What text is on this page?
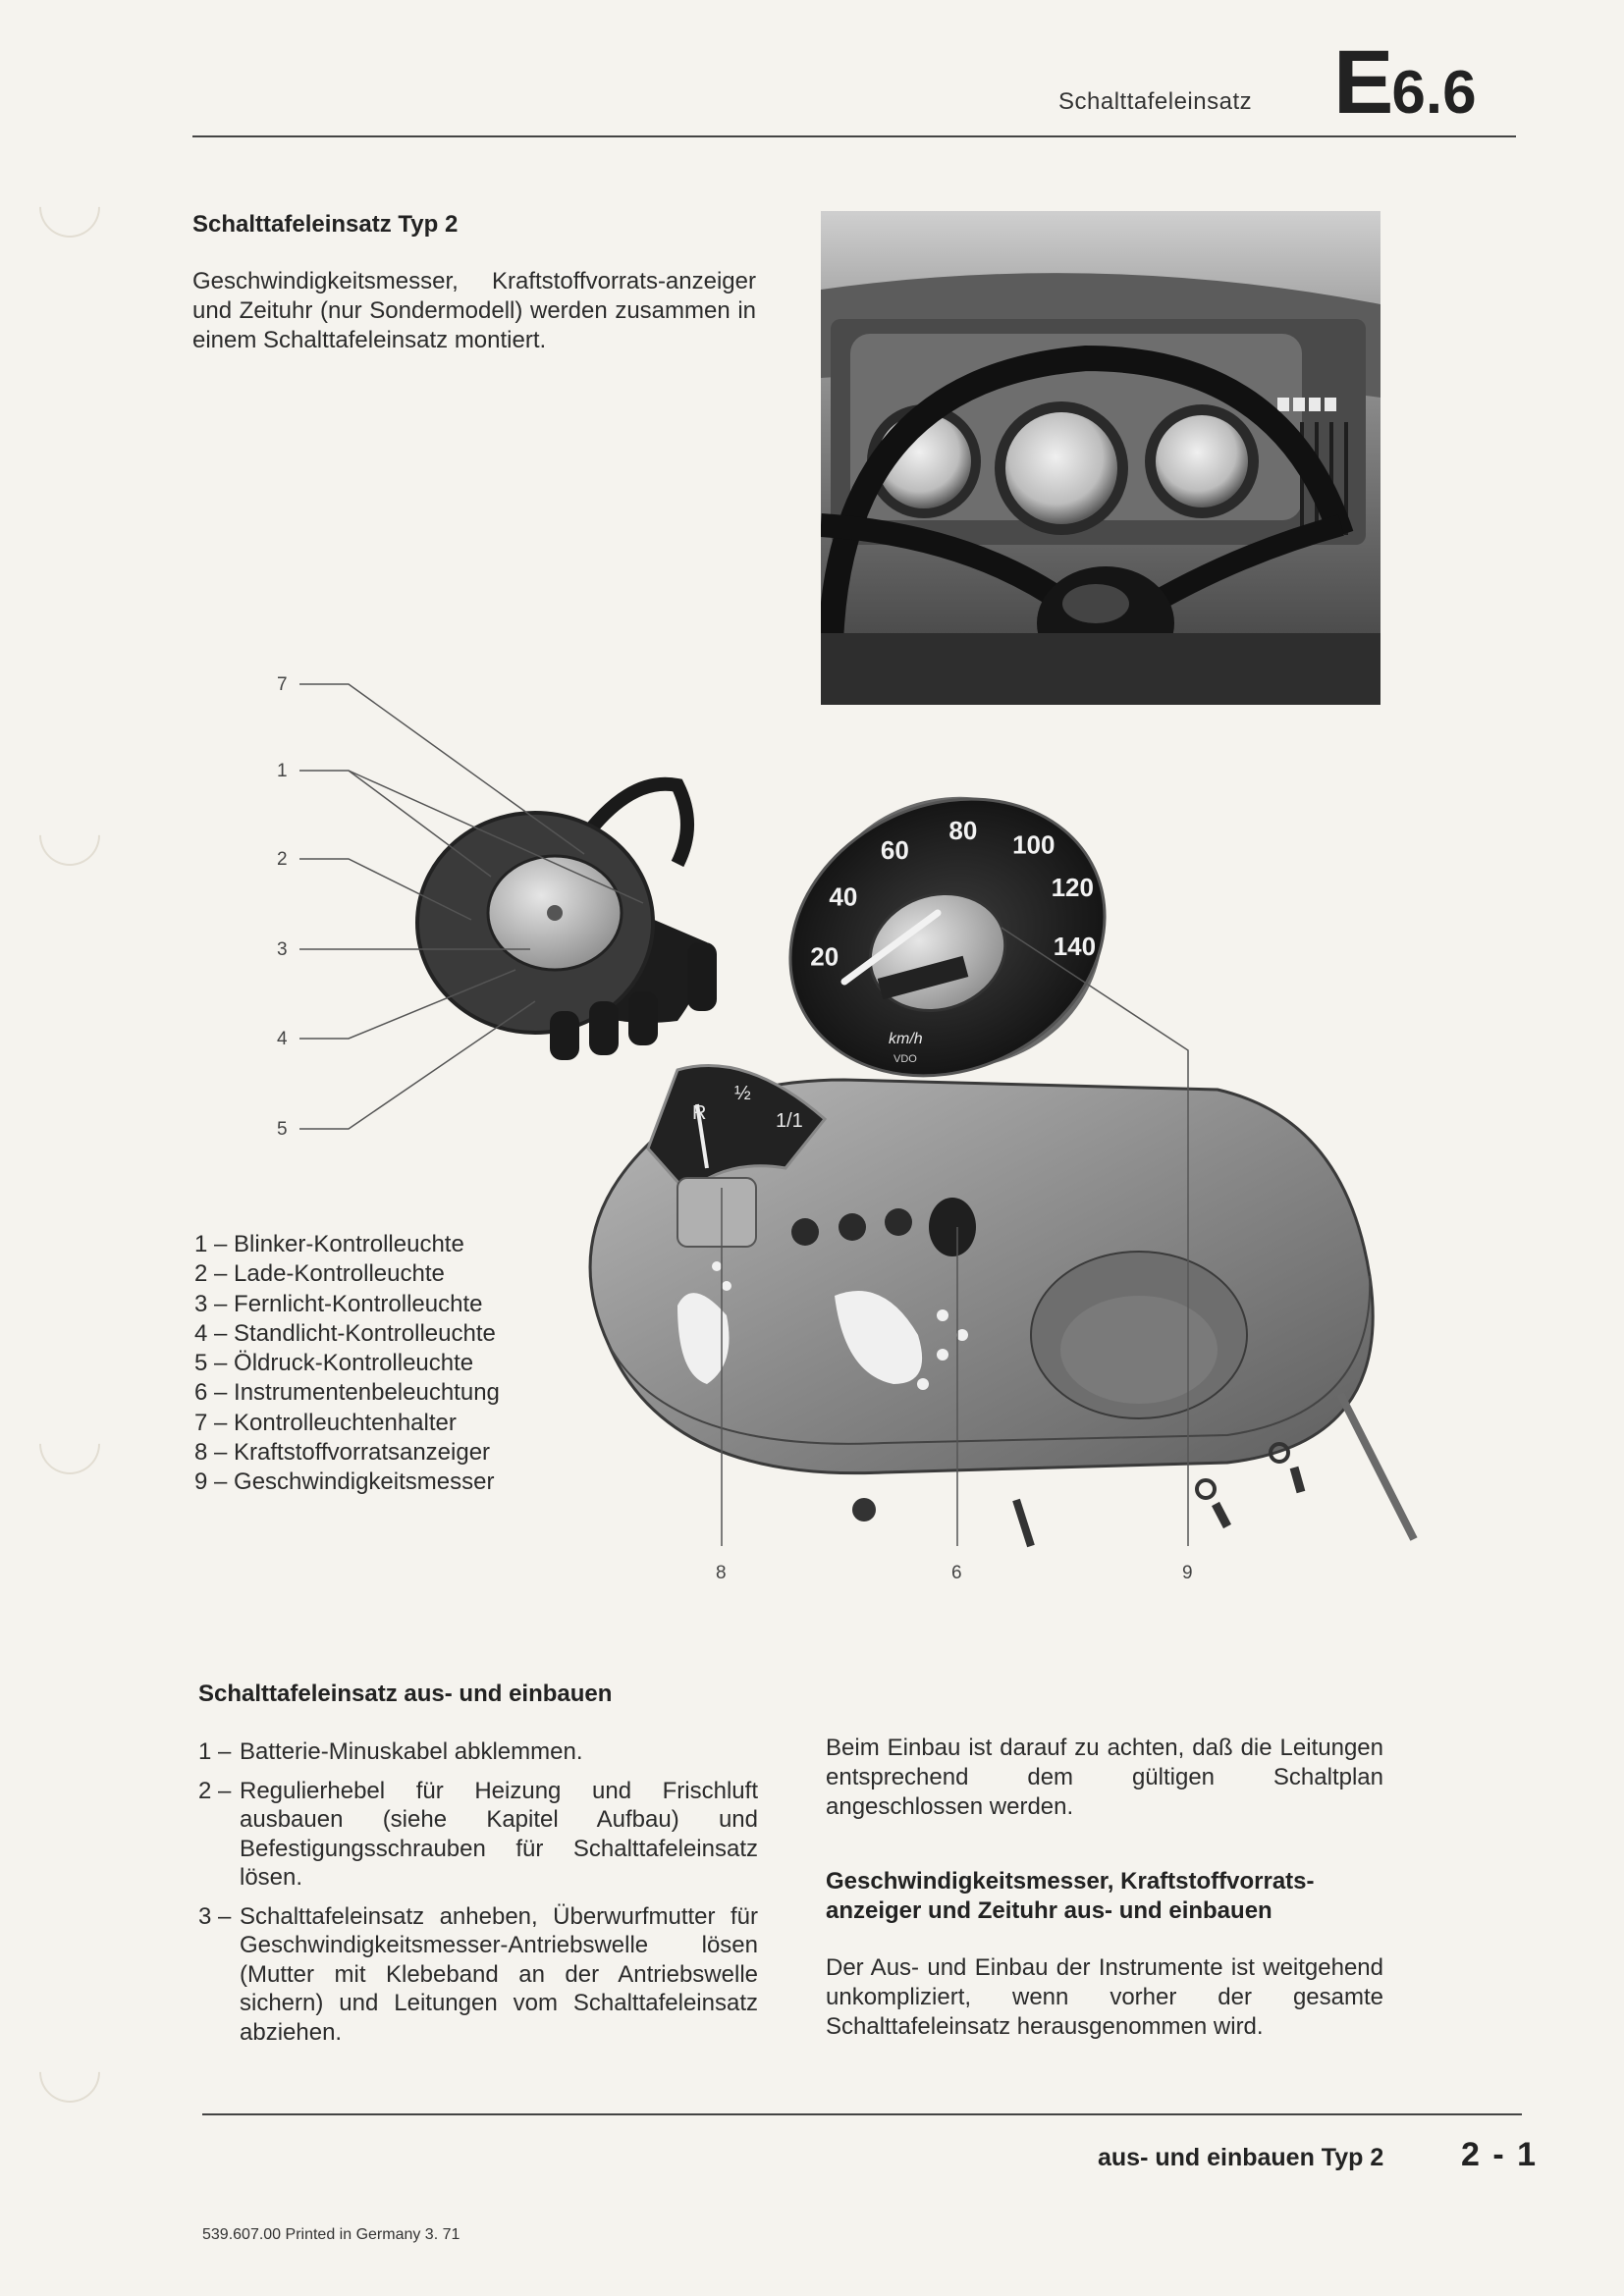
Schalttafeleinsatz E6.6
Schalttafeleinsatz Typ 2

Geschwindigkeitsmesser, Kraftstoffvorrats-anzeiger und Zeituhr (nur Sondermodell) werden zusammen in einem Schalttafeleinsatz montiert.

20
40
60
80 100
120
140
km/h
VDO
R
½
1/1
7
1
2
3
4
5
8	6	9
1 – Blinker-Kontrolleuchte
2 – Lade-Kontrolleuchte
3 – Fernlicht-Kontrolleuchte
4 – Standlicht-Kontrolleuchte
5 – Öldruck-Kontrolleuchte
6 – Instrumentenbeleuchtung
7 – Kontrolleuchtenhalter
8 – Kraftstoffvorratsanzeiger
9 – Geschwindigkeitsmesser
Schalttafeleinsatz aus- und einbauen
1 – Batterie-Minuskabel abklemmen.
2 – Regulierhebel für Heizung und Frischluft ausbauen (siehe Kapitel Aufbau) und Befestigungsschrauben für Schalttafeleinsatz lösen.
3 – Schalttafeleinsatz anheben, Überwurfmutter für Geschwindigkeitsmesser-Antriebswelle lösen (Mutter mit Klebeband an der Antriebswelle sichern) und Leitungen vom Schalttafeleinsatz abziehen.

Beim Einbau ist darauf zu achten, daß die Leitungen entsprechend dem gültigen Schaltplan angeschlossen werden.

Geschwindigkeitsmesser, Kraftstoffvorrats-anzeiger und Zeituhr aus- und einbauen

Der Aus- und Einbau der Instrumente ist weitgehend unkompliziert, wenn vorher der gesamte Schalttafeleinsatz herausgenommen wird.

aus- und einbauen Typ 2 2 - 1
539.607.00 Printed in Germany 3. 71
